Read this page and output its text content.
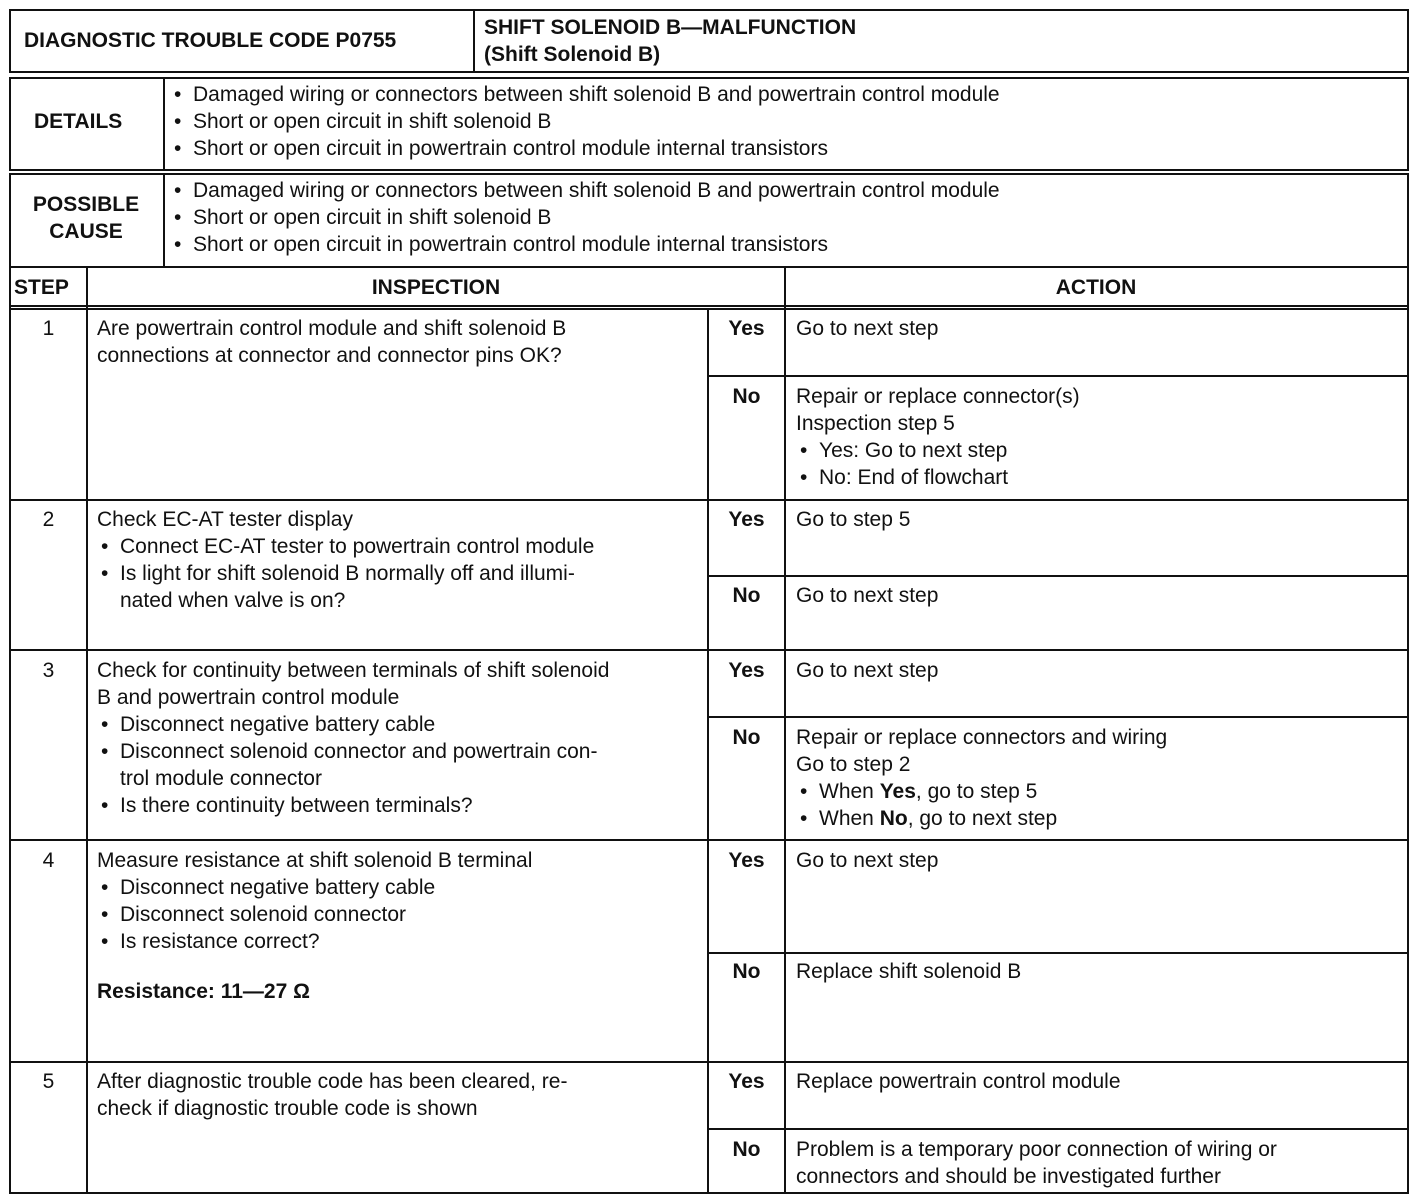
DIAGNOSTIC TROUBLE CODE P0755
SHIFT SOLENOID B—MALFUNCTION
(Shift Solenoid B)
DETAILS
• Damaged wiring or connectors between shift solenoid B and powertrain control module
• Short or open circuit in shift solenoid B
• Short or open circuit in powertrain control module internal transistors
POSSIBLE
CAUSE
• Damaged wiring or connectors between shift solenoid B and powertrain control module
• Short or open circuit in shift solenoid B
• Short or open circuit in powertrain control module internal transistors
STEP	INSPECTION	ACTION
1	Are powertrain control module and shift solenoid B
connections at connector and connector pins OK?
Yes	Go to next step
No	Repair or replace connector(s)
Inspection step 5
• Yes: Go to next step
• No: End of flowchart
2	Check EC-AT tester display
• Connect EC-AT tester to powertrain control module
• Is light for shift solenoid B normally off and illumi-
nated when valve is on?
Yes	Go to step 5
No	Go to next step
3	Check for continuity between terminals of shift solenoid
B and powertrain control module
• Disconnect negative battery cable
• Disconnect solenoid connector and powertrain con-
trol module connector
• Is there continuity between terminals?
Yes	Go to next step
No	Repair or replace connectors and wiring
Go to step 2
• When Yes, go to step 5
• When No, go to next step
4	Measure resistance at shift solenoid B terminal
• Disconnect negative battery cable
• Disconnect solenoid connector
• Is resistance correct?
Resistance: 11—27 Ω
Yes	Go to next step
No	Replace shift solenoid B
5	After diagnostic trouble code has been cleared, re-
check if diagnostic trouble code is shown
Yes	Replace powertrain control module
No	Problem is a temporary poor connection of wiring or
connectors and should be investigated further
